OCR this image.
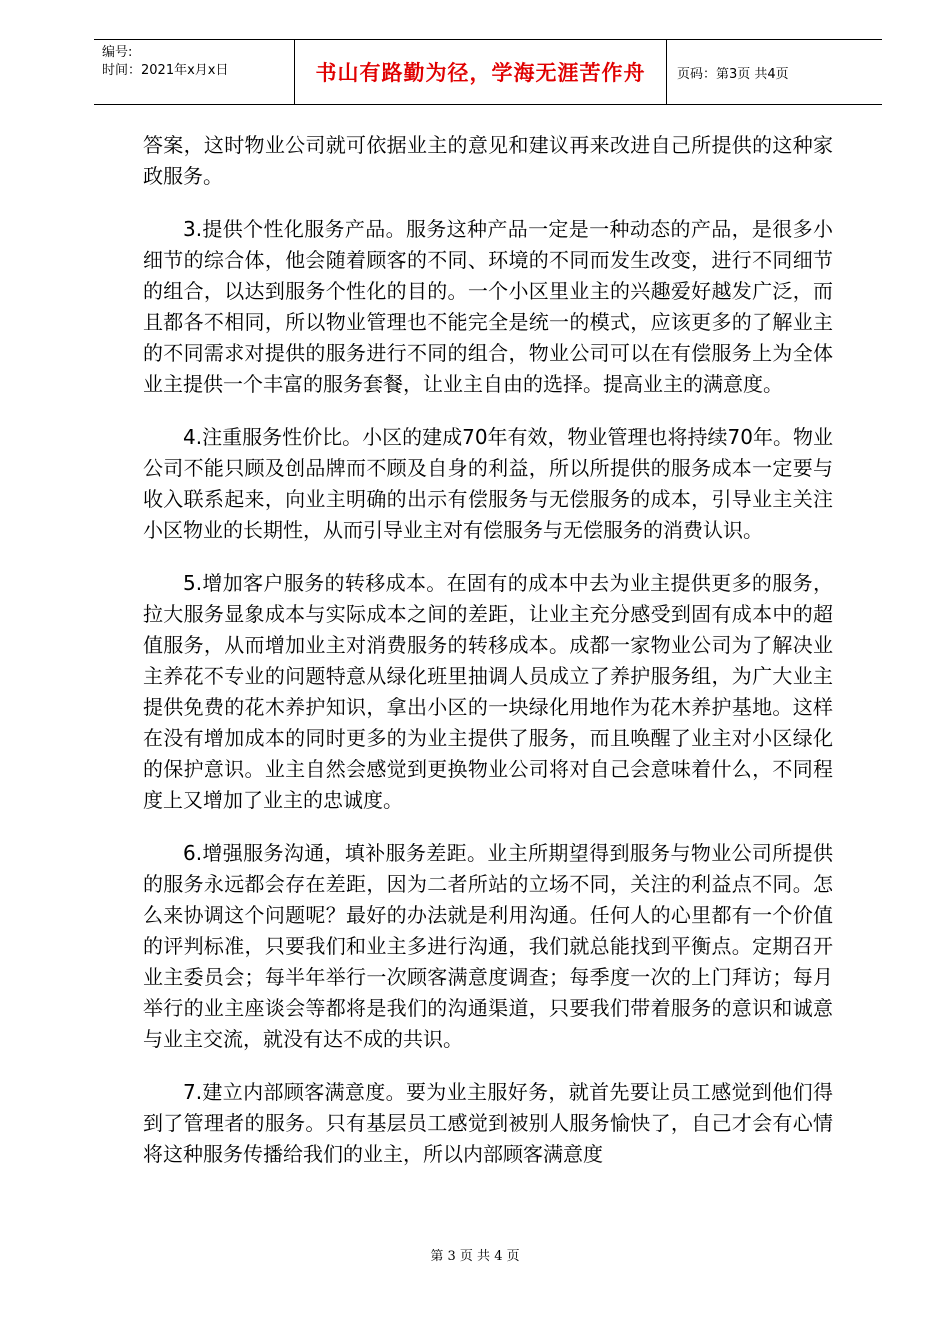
编号:
时间：2021年x月x日	书山有路勤为径，学海无涯苦作舟 页码：第3页 共4页

答案，这时物业公司就可依据业主的意见和建议再来改进自己所提供的这种家政服务。

3.提供个性化服务产品。服务这种产品一定是一种动态的产品，是很多小细节的综合体，他会随着顾客的不同、环境的不同而发生改变，进行不同细节的组合，以达到服务个性化的目的。一个小区里业主的兴趣爱好越发广泛，而且都各不相同，所以物业管理也不能完全是统一的模式，应该更多的了解业主的不同需求对提供的服务进行不同的组合，物业公司可以在有偿服务上为全体业主提供一个丰富的服务套餐，让业主自由的选择。提高业主的满意度。

4.注重服务性价比。小区的建成70年有效，物业管理也将持续70年。物业公司不能只顾及创品牌而不顾及自身的利益，所以所提供的服务成本一定要与收入联系起来，向业主明确的出示有偿服务与无偿服务的成本，引导业主关注小区物业的长期性，从而引导业主对有偿服务与无偿服务的消费认识。

5.增加客户服务的转移成本。在固有的成本中去为业主提供更多的服务，拉大服务显象成本与实际成本之间的差距，让业主充分感受到固有成本中的超值服务，从而增加业主对消费服务的转移成本。成都一家物业公司为了解决业主养花不专业的问题特意从绿化班里抽调人员成立了养护服务组，为广大业主提供免费的花木养护知识，拿出小区的一块绿化用地作为花木养护基地。这样在没有增加成本的同时更多的为业主提供了服务，而且唤醒了业主对小区绿化的保护意识。业主自然会感觉到更换物业公司将对自己会意味着什么，不同程度上又增加了业主的忠诚度。

6.增强服务沟通，填补服务差距。业主所期望得到服务与物业公司所提供的服务永远都会存在差距，因为二者所站的立场不同，关注的利益点不同。怎么来协调这个问题呢？最好的办法就是利用沟通。任何人的心里都有一个价值的评判标准，只要我们和业主多进行沟通，我们就总能找到平衡点。定期召开业主委员会；每半年举行一次顾客满意度调查；每季度一次的上门拜访；每月举行的业主座谈会等都将是我们的沟通渠道，只要我们带着服务的意识和诚意与业主交流，就没有达不成的共识。

7.建立内部顾客满意度。要为业主服好务，就首先要让员工感觉到他们得到了管理者的服务。只有基层员工感觉到被别人服务愉快了，自己才会有心情将这种服务传播给我们的业主，所以内部顾客满意度

第 3 页 共 4 页
